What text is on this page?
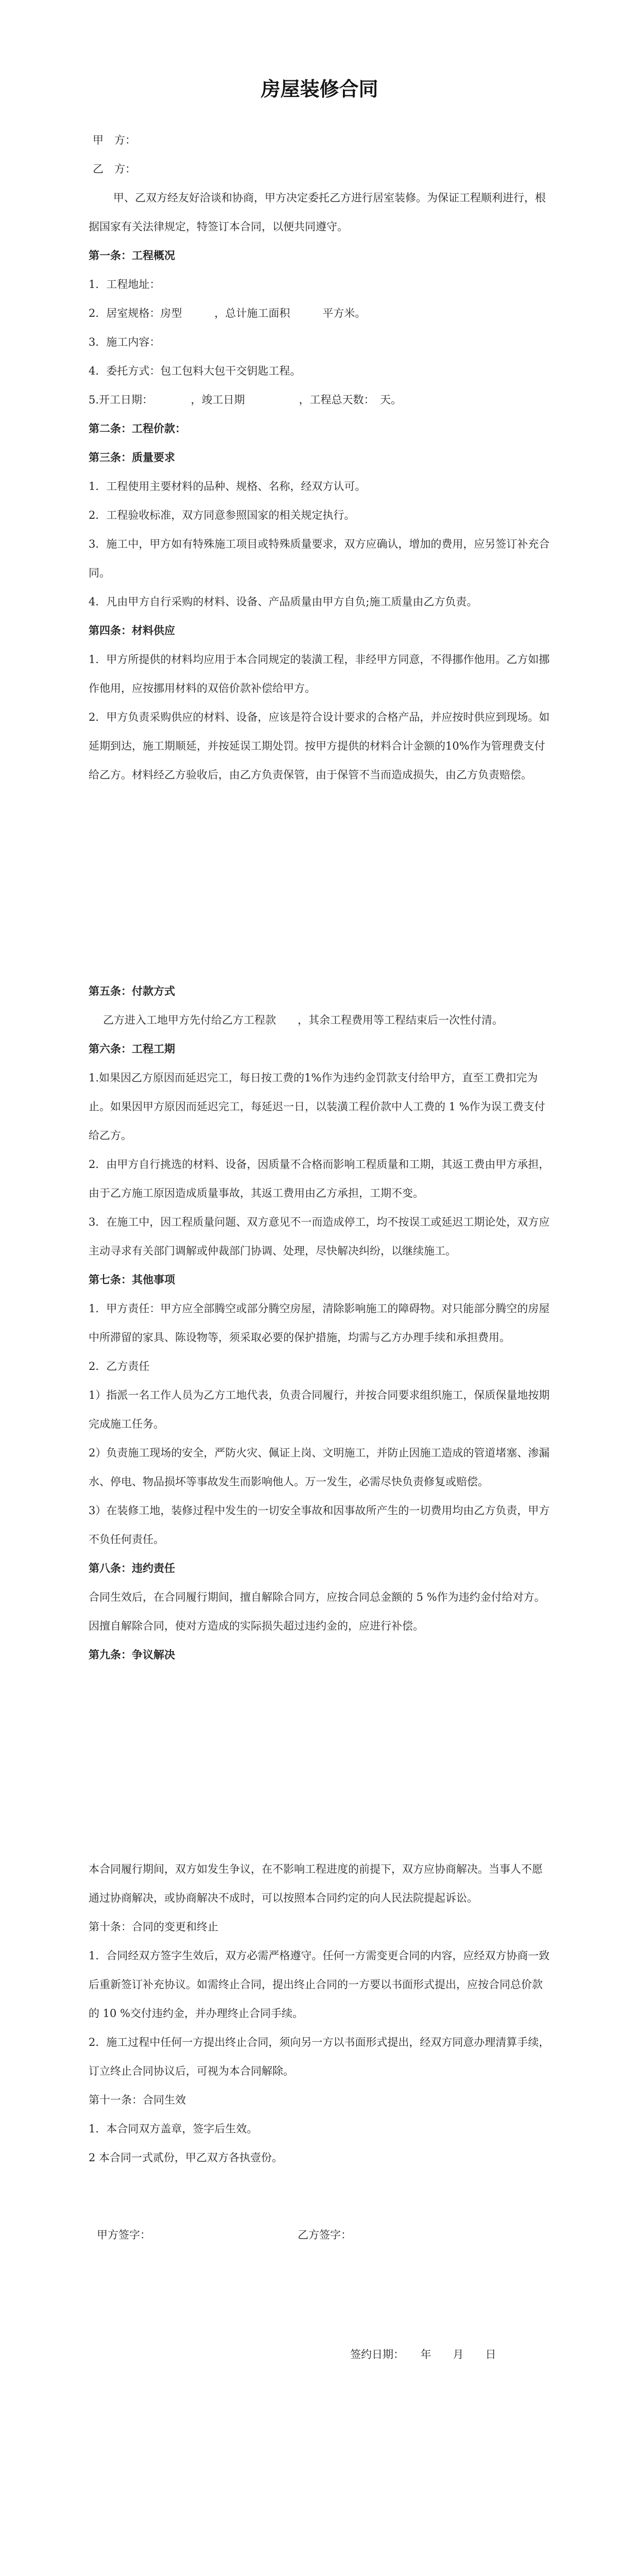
房屋装修合同

甲　方：

乙　方：

甲、乙双方经友好洽谈和协商，甲方决定委托乙方进行居室装修。为保证工程顺利进行，根据国家有关法律规定，特签订本合同，以便共同遵守。

第一条：工程概况

1．工程地址：

2．居室规格：房型　　　，总计施工面积　　　平方米。

3．施工内容：

4．委托方式：包工包料大包干交钥匙工程。

5.开工日期：　　　　，竣工日期　　　　　，工程总天数：　天。

第二条：工程价款：

第三条：质量要求

1．工程使用主要材料的品种、规格、名称，经双方认可。

2．工程验收标准，双方同意参照国家的相关规定执行。

3．施工中，甲方如有特殊施工项目或特殊质量要求，双方应确认，增加的费用，应另签订补充合同。

4．凡由甲方自行采购的材料、设备、产品质量由甲方自负;施工质量由乙方负责。

第四条：材料供应

1．甲方所提供的材料均应用于本合同规定的装潢工程，非经甲方同意，不得挪作他用。乙方如挪作他用，应按挪用材料的双倍价款补偿给甲方。

2．甲方负责采购供应的材料、设备，应该是符合设计要求的合格产品，并应按时供应到现场。如延期到达，施工期顺延，并按延误工期处罚。按甲方提供的材料合计金额的10%作为管理费支付给乙方。材料经乙方验收后，由乙方负责保管，由于保管不当而造成损失，由乙方负责赔偿。

第五条：付款方式

乙方进入工地甲方先付给乙方工程款　　，其余工程费用等工程结束后一次性付清。

第六条：工程工期

1.如果因乙方原因而延迟完工，每日按工费的1%作为违约金罚款支付给甲方，直至工费扣完为止。如果因甲方原因而延迟完工，每延迟一日，以装潢工程价款中人工费的 1 %作为误工费支付给乙方。

2．由甲方自行挑选的材料、设备，因质量不合格而影响工程质量和工期，其返工费由甲方承担，由于乙方施工原因造成质量事故，其返工费用由乙方承担，工期不变。

3．在施工中，因工程质量问题、双方意见不一而造成停工，均不按误工或延迟工期论处，双方应主动寻求有关部门调解或仲裁部门协调、处理，尽快解决纠纷，以继续施工。

第七条：其他事项

1．甲方责任：甲方应全部腾空或部分腾空房屋，清除影响施工的障碍物。对只能部分腾空的房屋中所滞留的家具、陈设物等，须采取必要的保护措施，均需与乙方办理手续和承担费用。

2．乙方责任

1）指派一名工作人员为乙方工地代表，负责合同履行，并按合同要求组织施工，保质保量地按期完成施工任务。

2）负责施工现场的安全，严防火灾、佩证上岗、文明施工，并防止因施工造成的管道堵塞、渗漏水、停电、物品损坏等事故发生而影响他人。万一发生，必需尽快负责修复或赔偿。

3）在装修工地，装修过程中发生的一切安全事故和因事故所产生的一切费用均由乙方负责，甲方不负任何责任。

第八条：违约责任

合同生效后，在合同履行期间，擅自解除合同方，应按合同总金额的 5 %作为违约金付给对方。因擅自解除合同，使对方造成的实际损失超过违约金的，应进行补偿。

第九条：争议解决

本合同履行期间，双方如发生争议，在不影响工程进度的前提下，双方应协商解决。当事人不愿通过协商解决，或协商解决不成时，可以按照本合同约定的向人民法院提起诉讼。

第十条：合同的变更和终止

1．合同经双方签字生效后，双方必需严格遵守。任何一方需变更合同的内容，应经双方协商一致后重新签订补充协议。如需终止合同，提出终止合同的一方要以书面形式提出，应按合同总价款的 10 %交付违约金，并办理终止合同手续。

2．施工过程中任何一方提出终止合同，须向另一方以书面形式提出，经双方同意办理清算手续，订立终止合同协议后，可视为本合同解除。

第十一条：合同生效

1．本合同双方盖章，签字后生效。

2 本合同一式贰份，甲乙双方各执壹份。

甲方签字：	乙方签字：
签约日期：　　年　　月　　日
